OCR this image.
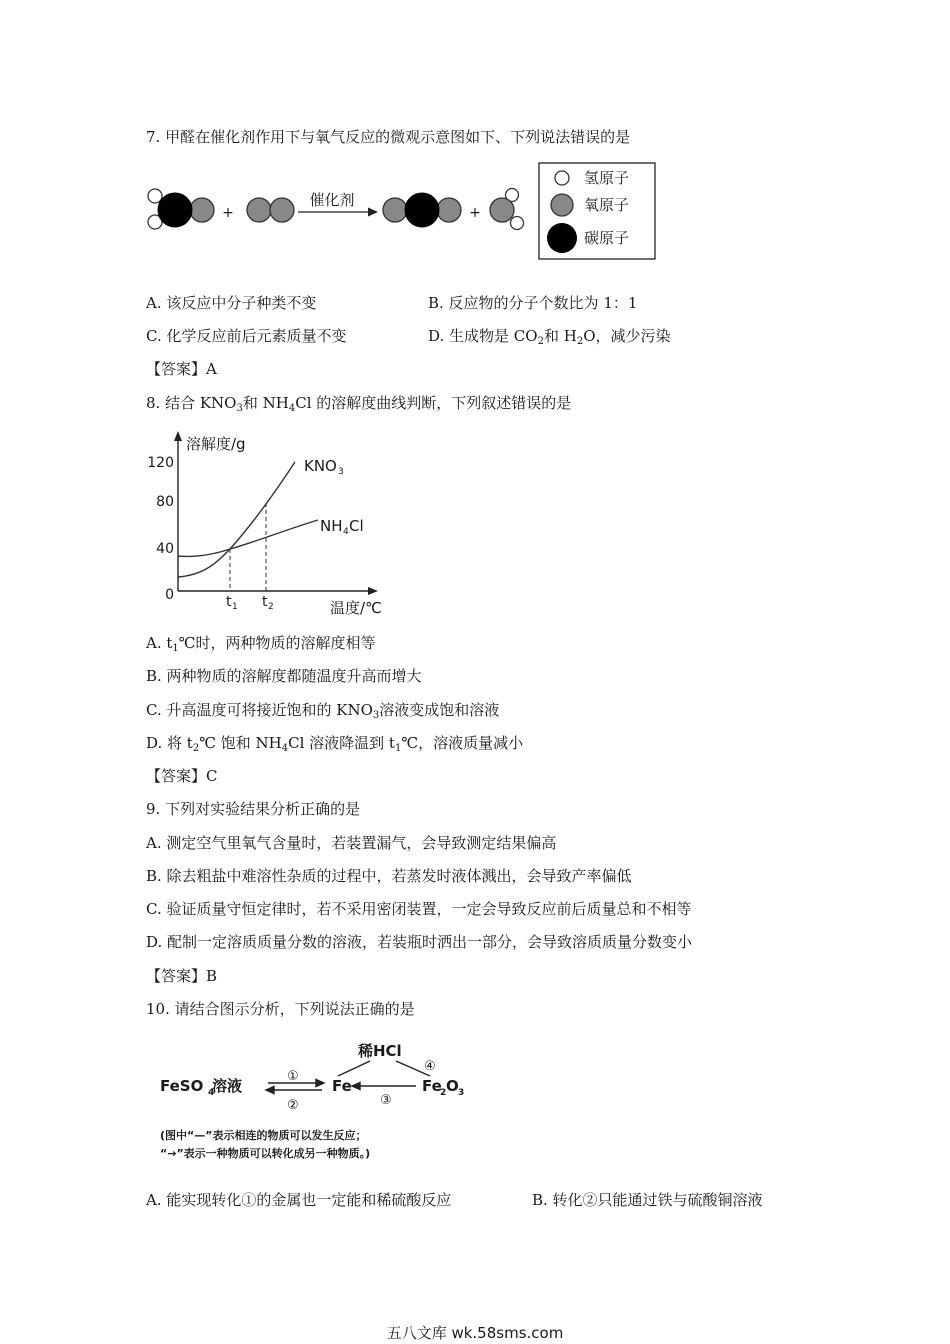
7. 甲醛在催化剂作用下与氧气反应的微观示意图如下、下列说法错误的是
+
催化剂
+
氢原子
氧原子
碳原子
A. 该反应中分子种类不变	B. 反应物的分子个数比为 1：1
C. 化学反应前后元素质量不变	D. 生成物是 $CO_2$和 $H_2O$，减少污染
【答案】A
8. 结合 $KNO_3$和 $NH_4Cl$ 的溶解度曲线判断，下列叙述错误的是
溶解度/g
温度/℃
120
80
40
0	t 1 t 2
KNO 3
NH 4 Cl
A. $t_1℃$时，两种物质的溶解度相等
B. 两种物质的溶解度都随温度升高而增大
C. 升高温度可将接近饱和的 $KNO_3$溶液变成饱和溶液
D. 将 $t_2℃$ 饱和 $NH_4Cl$ 溶液降温到 $t_1℃$，溶液质量减小
【答案】C
9. 下列对实验结果分析正确的是
A. 测定空气里氧气含量时，若装置漏气，会导致测定结果偏高
B. 除去粗盐中难溶性杂质的过程中，若蒸发时液体溅出，会导致产率偏低
C. 验证质量守恒定律时，若不采用密闭装置，一定会导致反应前后质量总和不相等
D. 配制一定溶质质量分数的溶液，若装瓶时洒出一部分，会导致溶质质量分数变小
【答案】B
10. 请结合图示分析，下列说法正确的是
FeSO 4
溶液	Fe	Fe
2 O 3
稀HCl
①
②	③
④
(图中“—”表示相连的物质可以发生反应；
“→”表示一种物质可以转化成另一种物质。)
A. 能实现转化①的金属也一定能和稀硫酸反应	B. 转化②只能通过铁与硫酸铜溶液
五八文库 wk.58sms.com
